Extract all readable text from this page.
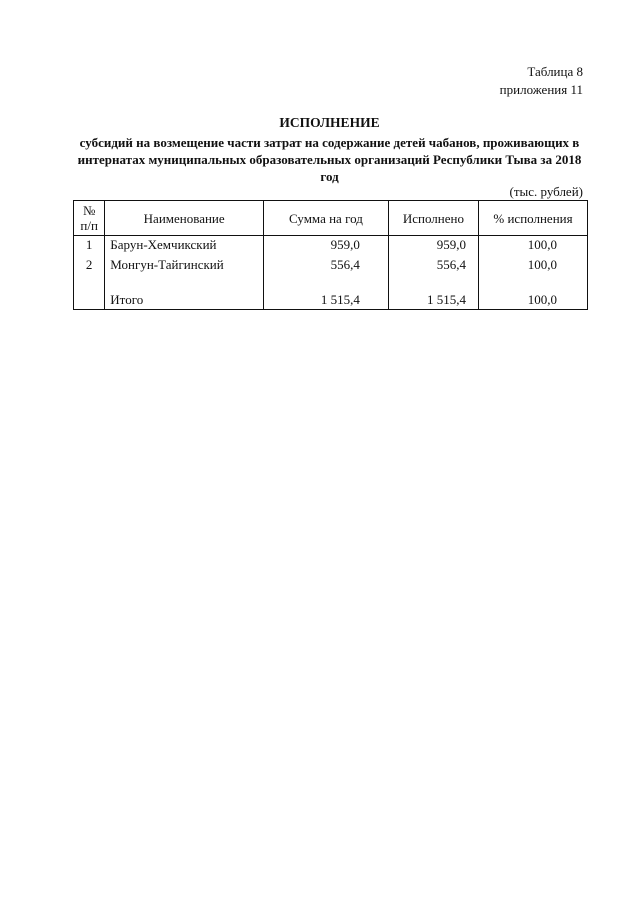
Таблица 8
приложения 11
ИСПОЛНЕНИЕ
субсидий на возмещение части затрат на содержание детей чабанов, проживающих в интернатах муниципальных образовательных организаций Республики Тыва за 2018 год
(тыс. рублей)
№ п/п	Наименование	Сумма на год	Исполнено	% исполнения
1	Барун-Хемчикский	959,0	959,0	100,0
2	Монгун-Тайгинский	556,4	556,4	100,0

	Итого	1 515,4	1 515,4	100,0
